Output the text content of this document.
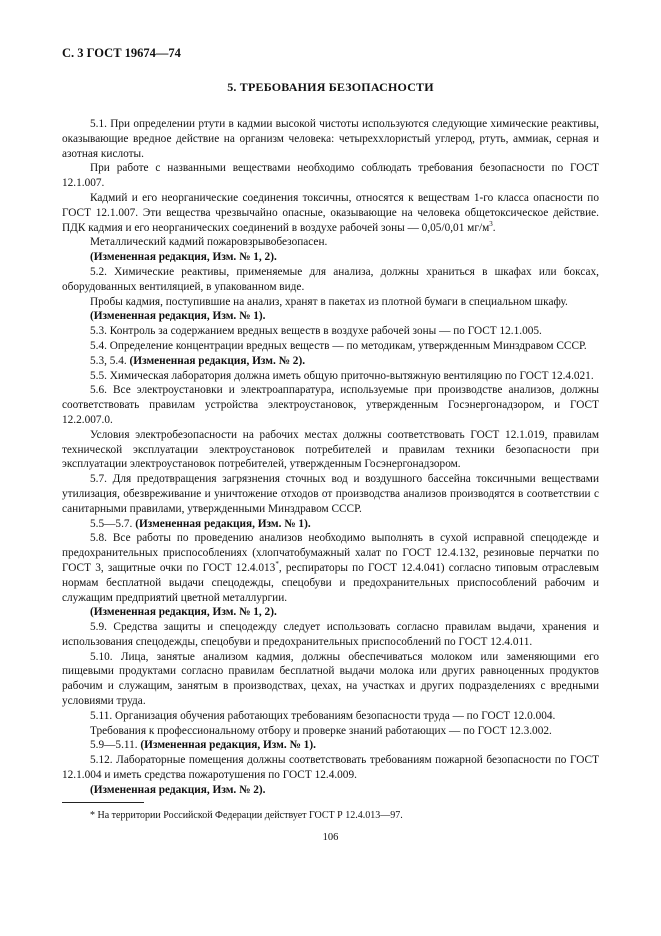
С. 3 ГОСТ 19674—74
5. ТРЕБОВАНИЯ БЕЗОПАСНОСТИ

5.1. При определении ртути в кадмии высокой чистоты используются следующие химические реактивы, оказывающие вредное действие на организм человека: четыреххлористый углерод, ртуть, аммиак, серная и азотная кислоты.

При работе с названными веществами необходимо соблюдать требования безопасности по ГОСТ 12.1.007.

Кадмий и его неорганические соединения токсичны, относятся к веществам 1-го класса опасности по ГОСТ 12.1.007. Эти вещества чрезвычайно опасные, оказывающие на человека общетоксическое действие. ПДК кадмия и его неорганических соединений в воздухе рабочей зоны — 0,05/0,01 $мг/м^3$.

Металлический кадмий пожаровзрывобезопасен.

(Измененная редакция, Изм. № 1, 2).

5.2. Химические реактивы, применяемые для анализа, должны храниться в шкафах или боксах, оборудованных вентиляцией, в упакованном виде.

Пробы кадмия, поступившие на анализ, хранят в пакетах из плотной бумаги в специальном шкафу.

(Измененная редакция, Изм. № 1).

5.3. Контроль за содержанием вредных веществ в воздухе рабочей зоны — по ГОСТ 12.1.005.

5.4. Определение концентрации вредных веществ — по методикам, утвержденным Минздравом СССР.

5.3, 5.4. (Измененная редакция, Изм. № 2).

5.5. Химическая лаборатория должна иметь общую приточно-вытяжную вентиляцию по ГОСТ 12.4.021.

5.6. Все электроустановки и электроаппаратура, используемые при производстве анализов, должны соответствовать правилам устройства электроустановок, утвержденным Госэнергонадзором, и ГОСТ 12.2.007.0.

Условия электробезопасности на рабочих местах должны соответствовать ГОСТ 12.1.019, правилам технической эксплуатации электроустановок потребителей и правилам техники безопасности при эксплуатации электроустановок потребителей, утвержденным Госэнергонадзором.

5.7. Для предотвращения загрязнения сточных вод и воздушного бассейна токсичными веществами утилизация, обезвреживание и уничтожение отходов от производства анализов производятся в соответствии с санитарными правилами, утвержденными Минздравом СССР.

5.5—5.7. (Измененная редакция, Изм. № 1).

5.8. Все работы по проведению анализов необходимо выполнять в сухой исправной спецодежде и предохранительных приспособлениях (хлопчатобумажный халат по ГОСТ 12.4.132, резиновые перчатки по ГОСТ 3, защитные очки по ГОСТ 12.4.013*, респираторы по ГОСТ 12.4.041) согласно типовым отраслевым нормам бесплатной выдачи спецодежды, спецобуви и предохранительных приспособлений рабочим и служащим предприятий цветной металлургии.

(Измененная редакция, Изм. № 1, 2).

5.9. Средства защиты и спецодежду следует использовать согласно правилам выдачи, хранения и использования спецодежды, спецобуви и предохранительных приспособлений по ГОСТ 12.4.011.

5.10. Лица, занятые анализом кадмия, должны обеспечиваться молоком или заменяющими его пищевыми продуктами согласно правилам бесплатной выдачи молока или других равноценных продуктов рабочим и служащим, занятым в производствах, цехах, на участках и других подразделениях с вредными условиями труда.

5.11. Организация обучения работающих требованиям безопасности труда — по ГОСТ 12.0.004.

Требования к профессиональному отбору и проверке знаний работающих — по ГОСТ 12.3.002.

5.9—5.11. (Измененная редакция, Изм. № 1).

5.12. Лабораторные помещения должны соответствовать требованиям пожарной безопасности по ГОСТ 12.1.004 и иметь средства пожаротушения по ГОСТ 12.4.009.

(Измененная редакция, Изм. № 2).

* На территории Российской Федерации действует ГОСТ Р 12.4.013—97.

106
